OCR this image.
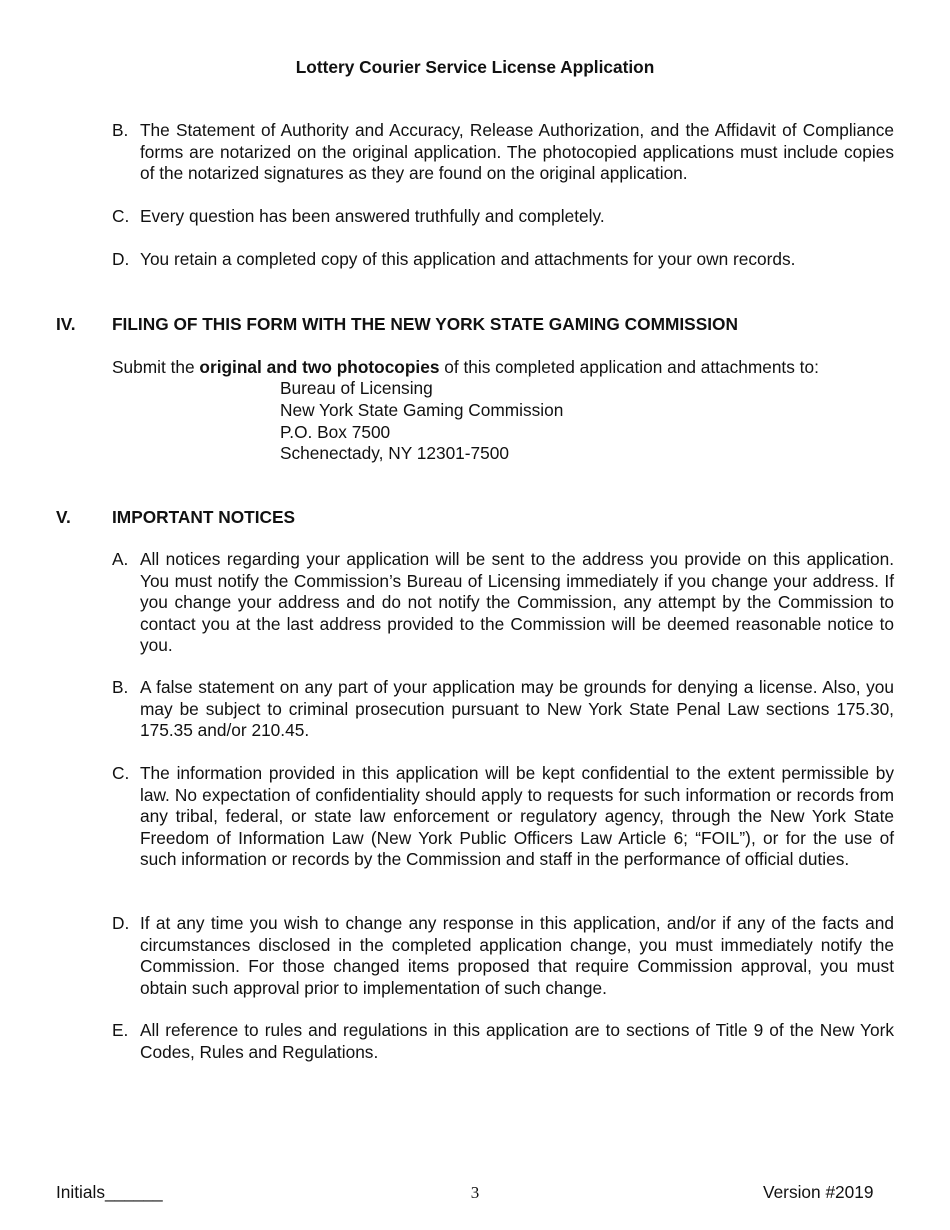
Lottery Courier Service License Application
B. The Statement of Authority and Accuracy, Release Authorization, and the Affidavit of Compliance forms are notarized on the original application. The photocopied applications must include copies of the notarized signatures as they are found on the original application.
C. Every question has been answered truthfully and completely.
D. You retain a completed copy of this application and attachments for your own records.
IV. FILING OF THIS FORM WITH THE NEW YORK STATE GAMING COMMISSION
Submit the original and two photocopies of this completed application and attachments to:
Bureau of Licensing
New York State Gaming Commission
P.O. Box 7500
Schenectady, NY 12301-7500
V. IMPORTANT NOTICES
A. All notices regarding your application will be sent to the address you provide on this application. You must notify the Commission’s Bureau of Licensing immediately if you change your address. If you change your address and do not notify the Commission, any attempt by the Commission to contact you at the last address provided to the Commission will be deemed reasonable notice to you.
B. A false statement on any part of your application may be grounds for denying a license. Also, you may be subject to criminal prosecution pursuant to New York State Penal Law sections 175.30, 175.35 and/or 210.45.
C. The information provided in this application will be kept confidential to the extent permissible by law. No expectation of confidentiality should apply to requests for such information or records from any tribal, federal, or state law enforcement or regulatory agency, through the New York State Freedom of Information Law (New York Public Officers Law Article 6; “FOIL”), or for the use of such information or records by the Commission and staff in the performance of official duties.
D. If at any time you wish to change any response in this application, and/or if any of the facts and circumstances disclosed in the completed application change, you must immediately notify the Commission. For those changed items proposed that require Commission approval, you must obtain such approval prior to implementation of such change.
E. All reference to rules and regulations in this application are to sections of Title 9 of the New York Codes, Rules and Regulations.
Initials______	3	Version #2019
